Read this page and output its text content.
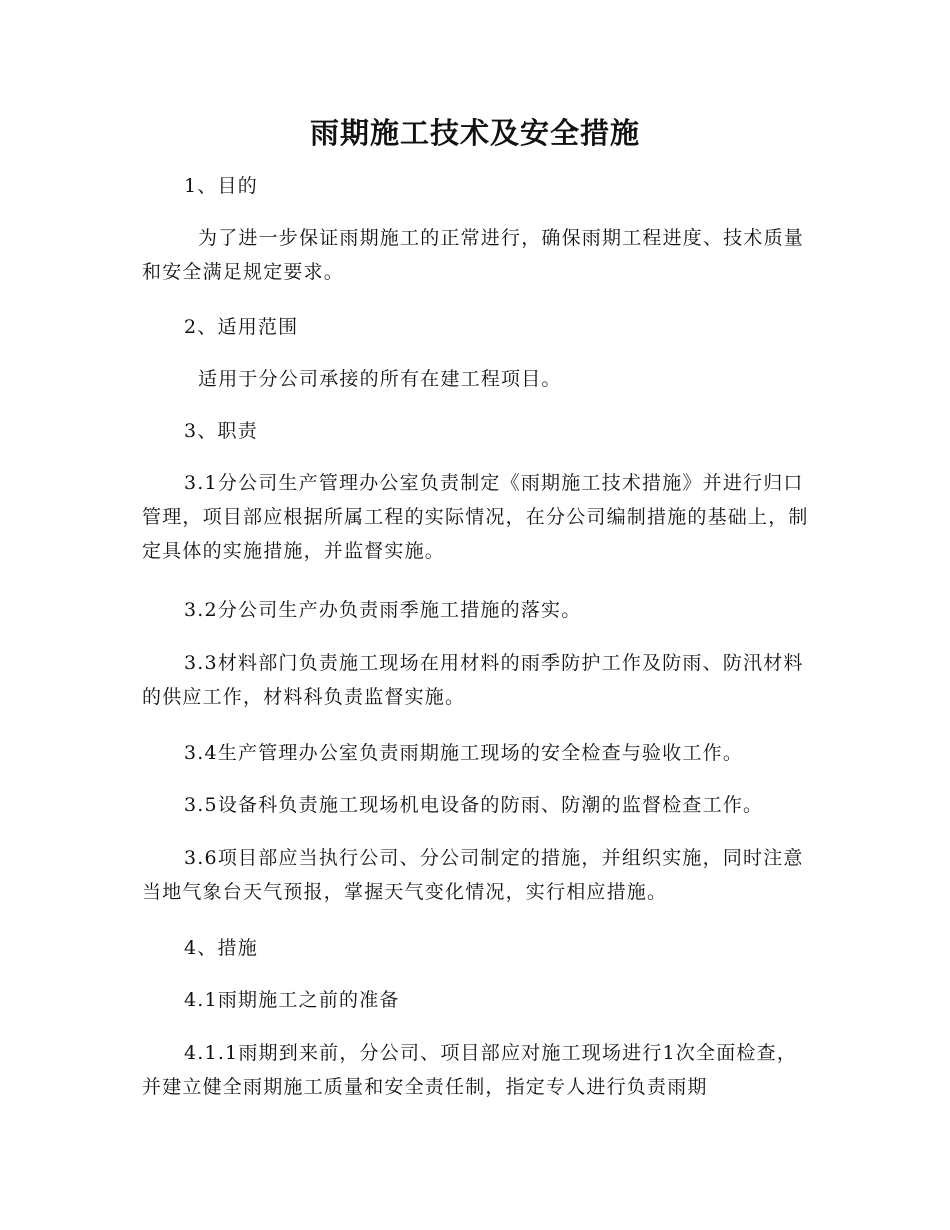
雨期施工技术及安全措施

1、目的

为了进一步保证雨期施工的正常进行，确保雨期工程进度、技术质量和安全满足规定要求。

2、适用范围

适用于分公司承接的所有在建工程项目。

3、职责

3.1分公司生产管理办公室负责制定《雨期施工技术措施》并进行归口管理，项目部应根据所属工程的实际情况，在分公司编制措施的基础上，制定具体的实施措施，并监督实施。

3.2分公司生产办负责雨季施工措施的落实。

3.3材料部门负责施工现场在用材料的雨季防护工作及防雨、防汛材料的供应工作，材料科负责监督实施。

3.4生产管理办公室负责雨期施工现场的安全检查与验收工作。

3.5设备科负责施工现场机电设备的防雨、防潮的监督检查工作。

3.6项目部应当执行公司、分公司制定的措施，并组织实施，同时注意当地气象台天气预报，掌握天气变化情况，实行相应措施。

4、措施

4.1雨期施工之前的准备

4.1.1雨期到来前，分公司、项目部应对施工现场进行1次全面检查，并建立健全雨期施工质量和安全责任制，指定专人进行负责雨期
